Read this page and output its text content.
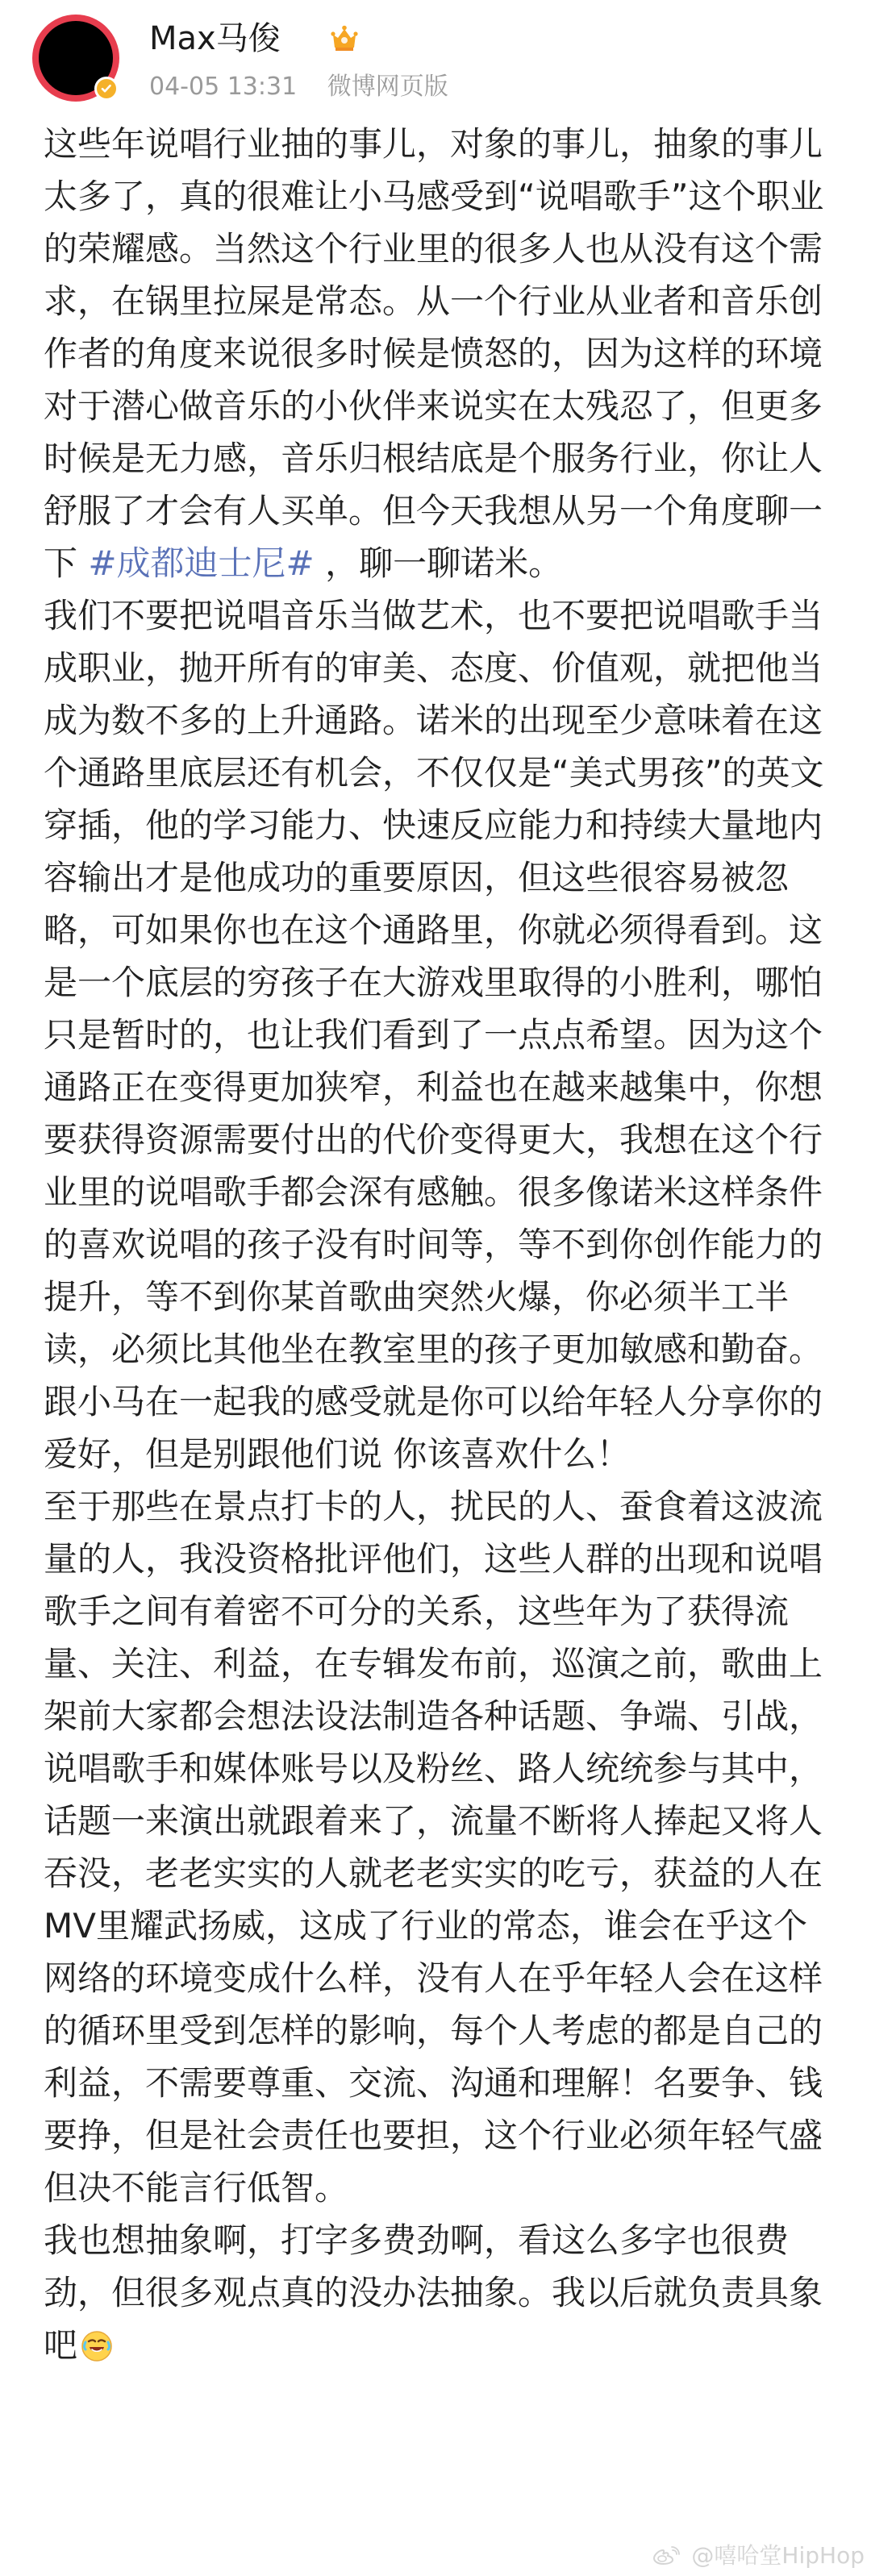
Max马俊
04-05 13:31 微博网页版

这些年说唱行业抽的事儿，对象的事儿，抽象的事儿太多了，真的很难让小马感受到“说唱歌手”这个职业的荣耀感。当然这个行业里的很多人也从没有这个需求，在锅里拉屎是常态。从一个行业从业者和音乐创作者的角度来说很多时候是愤怒的，因为这样的环境对于潜心做音乐的小伙伴来说实在太残忍了，但更多时候是无力感，音乐归根结底是个服务行业，你让人舒服了才会有人买单。但今天我想从另一个角度聊一下 #成都迪士尼# ，聊一聊诺米。

我们不要把说唱音乐当做艺术，也不要把说唱歌手当成职业，抛开所有的审美、态度、价值观，就把他当成为数不多的上升通路。诺米的出现至少意味着在这个通路里底层还有机会，不仅仅是“美式男孩”的英文穿插，他的学习能力、快速反应能力和持续大量地内容输出才是他成功的重要原因，但这些很容易被忽略，可如果你也在这个通路里，你就必须得看到。这是一个底层的穷孩子在大游戏里取得的小胜利，哪怕只是暂时的，也让我们看到了一点点希望。因为这个通路正在变得更加狭窄，利益也在越来越集中，你想要获得资源需要付出的代价变得更大，我想在这个行业里的说唱歌手都会深有感触。很多像诺米这样条件的喜欢说唱的孩子没有时间等，等不到你创作能力的提升，等不到你某首歌曲突然火爆，你必须半工半读，必须比其他坐在教室里的孩子更加敏感和勤奋。跟小马在一起我的感受就是你可以给年轻人分享你的爱好，但是别跟他们说 你该喜欢什么！

至于那些在景点打卡的人，扰民的人、蚕食着这波流量的人，我没资格批评他们，这些人群的出现和说唱歌手之间有着密不可分的关系，这些年为了获得流量、关注、利益，在专辑发布前，巡演之前，歌曲上架前大家都会想法设法制造各种话题、争端、引战，说唱歌手和媒体账号以及粉丝、路人统统参与其中，话题一来演出就跟着来了，流量不断将人捧起又将人吞没，老老实实的人就老老实实的吃亏，获益的人在MV里耀武扬威，这成了行业的常态，谁会在乎这个网络的环境变成什么样，没有人在乎年轻人会在这样的循环里受到怎样的影响，每个人考虑的都是自己的利益，不需要尊重、交流、沟通和理解！名要争、钱要挣，但是社会责任也要担，这个行业必须年轻气盛但决不能言行低智。

我也想抽象啊，打字多费劲啊，看这么多字也很费劲，但很多观点真的没办法抽象。我以后就负责具象吧

@嘻哈堂HipHop
